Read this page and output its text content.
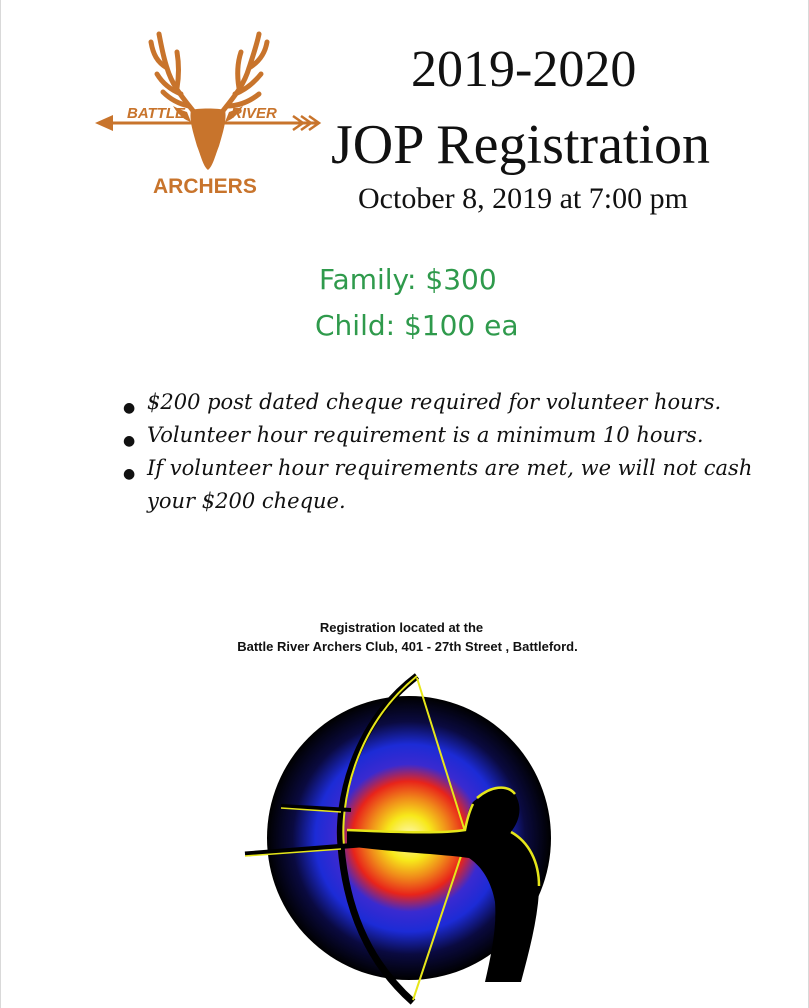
BATTLE	RIVER
ARCHERS
2019-2020
JOP Registration
October 8, 2019 at 7:00 pm
Family: $300
Child: $100 ea
● $200 post dated cheque required for volunteer hours.
● Volunteer hour requirement is a minimum 10 hours.
● If volunteer hour requirements are met, we will not cash your $200 cheque.
Registration located at the
Battle River Archers Club, 401 - 27th Street , Battleford.
